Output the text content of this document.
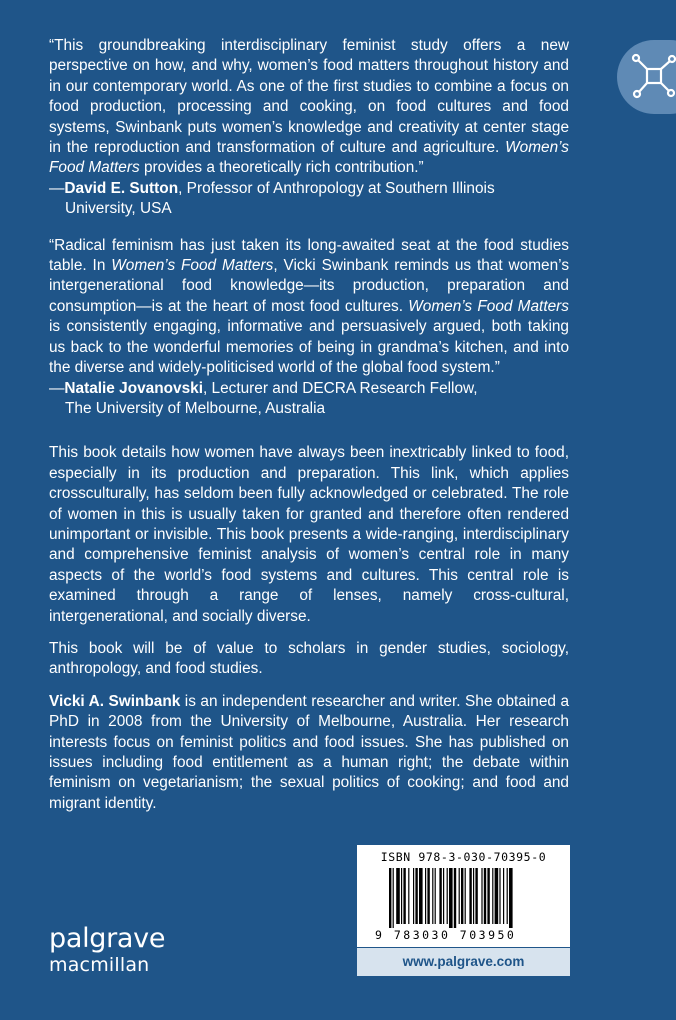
“This groundbreaking interdisciplinary feminist study offers a new perspective on how, and why, women’s food matters throughout history and in our contemporary world. As one of the first studies to combine a focus on food production, processing and cooking, on food cultures and food systems, Swinbank puts women’s knowledge and creativity at center stage in the reproduction and transformation of culture and agriculture. Women’s Food Matters provides a theoretically rich contribution.”

—David E. Sutton, Professor of Anthropology at Southern Illinois
University, USA

“Radical feminism has just taken its long-awaited seat at the food studies table. In Women’s Food Matters, Vicki Swinbank reminds us that women’s intergenerational food knowledge—its production, preparation and consumption—is at the heart of most food cultures. Women’s Food Matters is consistently engaging, informative and persuasively argued, both taking us back to the wonderful memories of being in grandma’s kitchen, and into the diverse and widely-politicised world of the global food system.”

—Natalie Jovanovski, Lecturer and DECRA Research Fellow,
The University of Melbourne, Australia

This book details how women have always been inextricably linked to food, especially in its production and preparation. This link, which applies crossculturally, has seldom been fully acknowledged or celebrated. The role of women in this is usually taken for granted and therefore often rendered unimportant or invisible. This book presents a wide-ranging, interdisciplinary and comprehensive feminist analysis of women’s central role in many aspects of the world’s food systems and cultures. This central role is examined through a range of lenses, namely cross-cultural, intergenerational, and socially diverse.

This book will be of value to scholars in gender studies, sociology, anthropology, and food studies.

Vicki A. Swinbank is an independent researcher and writer. She obtained a PhD in 2008 from the University of Melbourne, Australia. Her research interests focus on feminist politics and food issues. She has published on issues including food entitlement as a human right; the debate within feminism on vegetarianism; the sexual politics of cooking; and food and migrant identity.

palgrave
macmillan
ISBN 978-3-030-70395-0
9 783030 703950
www.palgrave.com
